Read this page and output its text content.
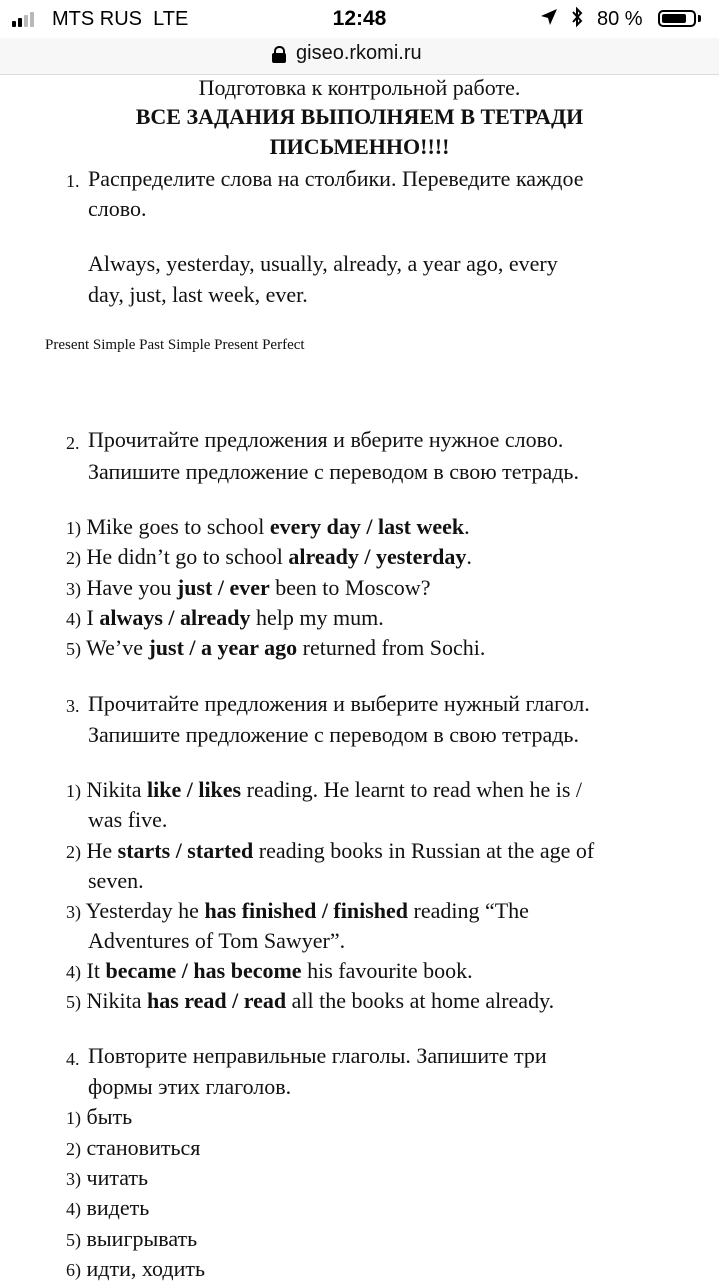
MTS RUS LTE	12:48	80 %
giseo.rkomi.ru
Подготовка к контрольной работе.
ВСЕ ЗАДАНИЯ ВЫПОЛНЯЕМ В ТЕТРАДИ
ПИСЬМЕННО!!!!
1. Распределите слова на столбики. Переведите каждое
слово.
Always, yesterday, usually, already, a year ago, every
day, just, last week, ever.
Present Simple Past Simple Present Perfect
2. Прочитайте предложения и вберите нужное слово.
Запишите предложение с переводом в свою тетрадь.
1) Mike goes to school every day / last week.
2) He didn’t go to school already / yesterday.
3) Have you just / ever been to Moscow?
4) I always / already help my mum.
5) We’ve just / a year ago returned from Sochi.
3. Прочитайте предложения и выберите нужный глагол.
Запишите предложение с переводом в свою тетрадь.
1) Nikita like / likes reading. He learnt to read when he is /
was five.
2) He starts / started reading books in Russian at the age of
seven.
3) Yesterday he has finished / finished reading “The
Adventures of Tom Sawyer”.
4) It became / has become his favourite book.
5) Nikita has read / read all the books at home already.
4. Повторите неправильные глаголы. Запишите три
формы этих глаголов.
1) быть
2) становиться
3) читать
4) видеть
5) выигрывать
6) идти, ходить
